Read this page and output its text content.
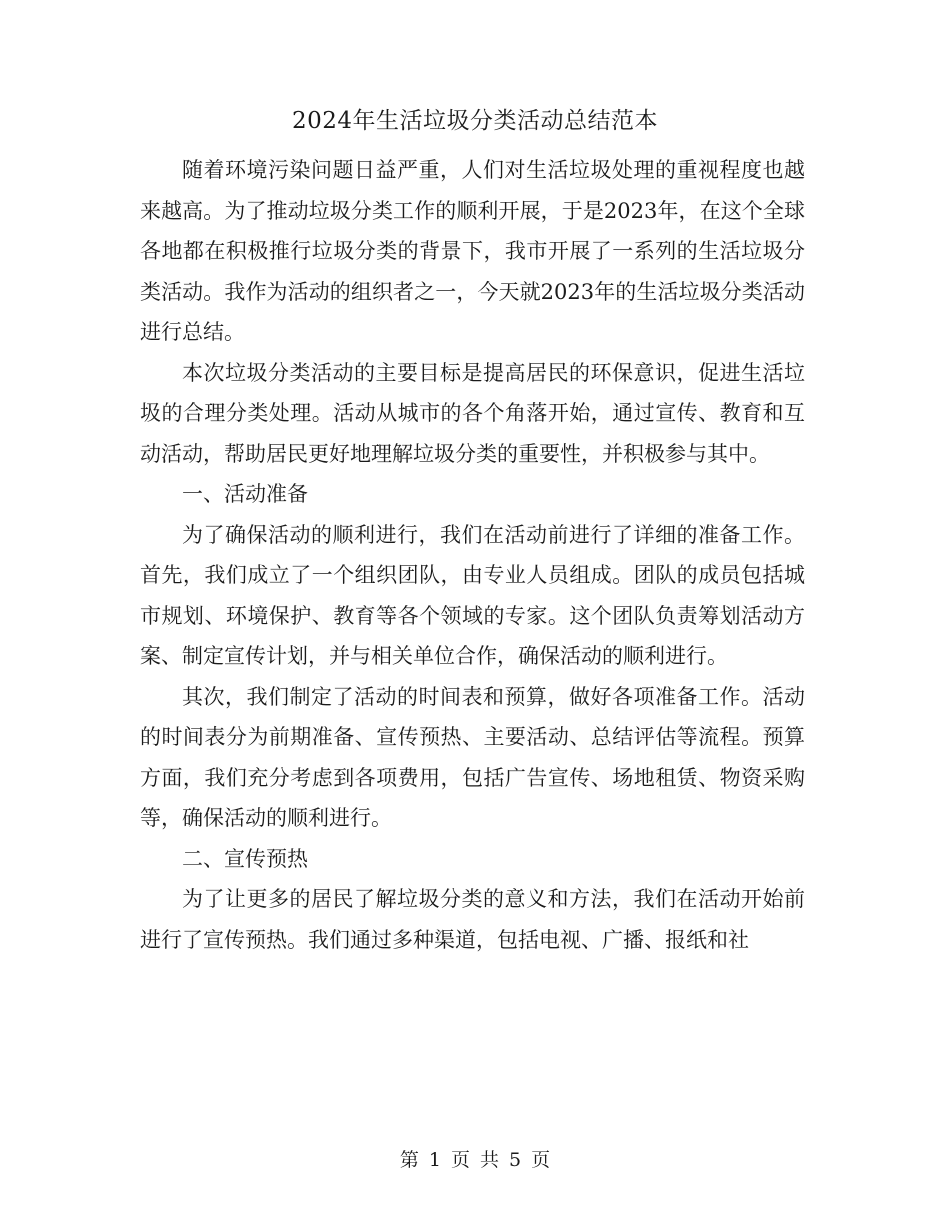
2024年生活垃圾分类活动总结范本

随着环境污染问题日益严重，人们对生活垃圾处理的重视程度也越来越高。为了推动垃圾分类工作的顺利开展，于是2023年，在这个全球各地都在积极推行垃圾分类的背景下，我市开展了一系列的生活垃圾分类活动。我作为活动的组织者之一，今天就2023年的生活垃圾分类活动进行总结。

本次垃圾分类活动的主要目标是提高居民的环保意识，促进生活垃圾的合理分类处理。活动从城市的各个角落开始，通过宣传、教育和互动活动，帮助居民更好地理解垃圾分类的重要性，并积极参与其中。

一、活动准备

为了确保活动的顺利进行，我们在活动前进行了详细的准备工作。首先，我们成立了一个组织团队，由专业人员组成。团队的成员包括城市规划、环境保护、教育等各个领域的专家。这个团队负责筹划活动方案、制定宣传计划，并与相关单位合作，确保活动的顺利进行。

其次，我们制定了活动的时间表和预算，做好各项准备工作。活动的时间表分为前期准备、宣传预热、主要活动、总结评估等流程。预算方面，我们充分考虑到各项费用，包括广告宣传、场地租赁、物资采购等，确保活动的顺利进行。

二、宣传预热

为了让更多的居民了解垃圾分类的意义和方法，我们在活动开始前进行了宣传预热。我们通过多种渠道，包括电视、广播、报纸和社

第 1 页 共 5 页
